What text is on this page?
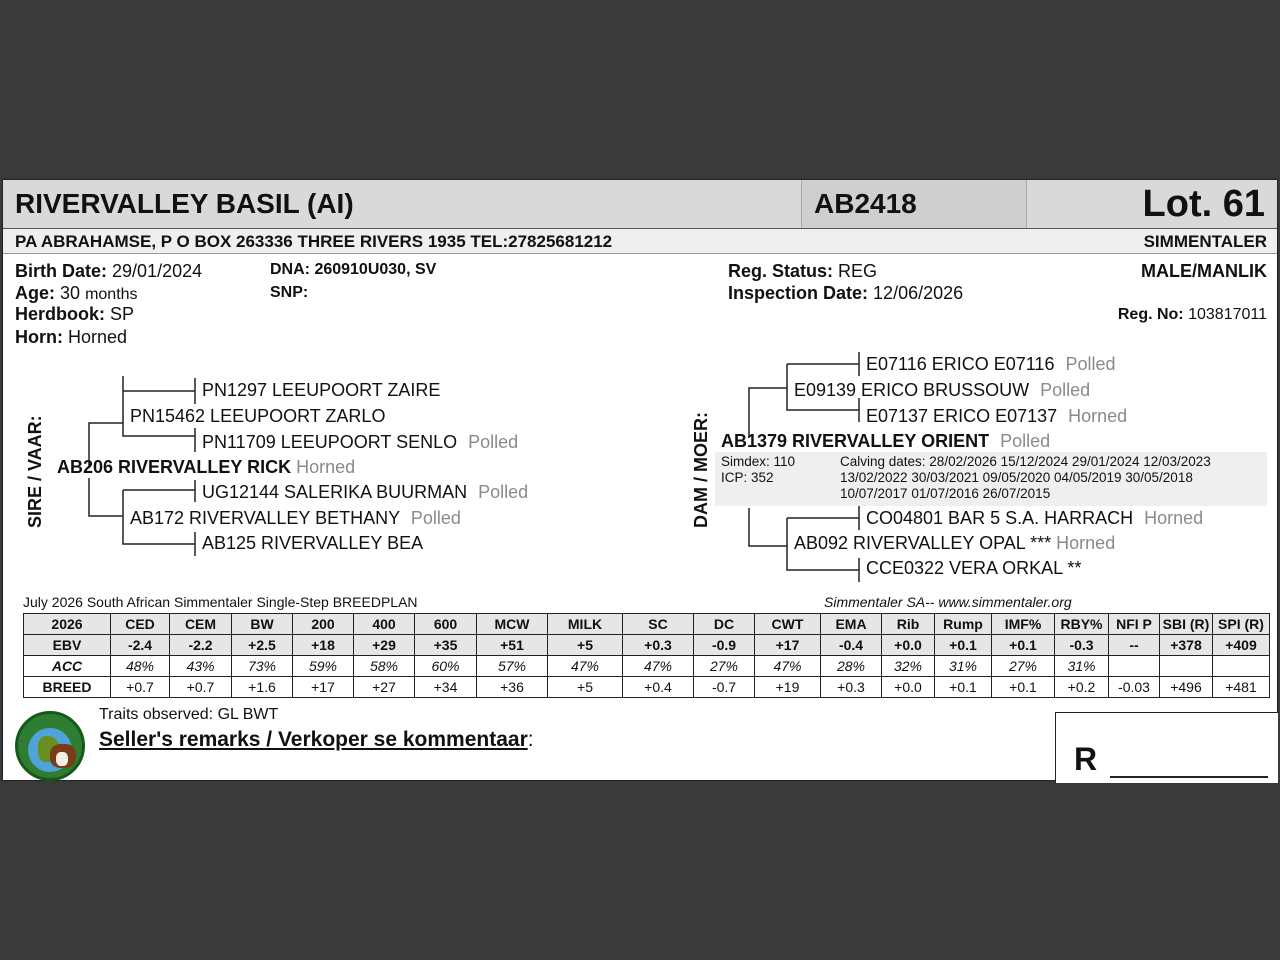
RIVERVALLEY BASIL (AI)	AB2418	Lot. 61
PA ABRAHAMSE, P O BOX 263336 THREE RIVERS 1935 TEL:27825681212	SIMMENTALER
Birth Date: 29/01/2024
Age: 30 months
Herdbook: SP
Horn: Horned
DNA: 260910U030, SV
SNP:
Reg. Status: REG
Inspection Date: 12/06/2026
MALE/MANLIK
Reg. No: 103817011
SIRE / VAAR:
PN1297 LEEUPOORT ZAIRE
PN15462 LEEUPOORT ZARLO
PN11709 LEEUPOORT SENLO Polled
AB206 RIVERVALLEY RICK Horned
UG12144 SALERIKA BUURMAN Polled
AB172 RIVERVALLEY BETHANY Polled
AB125 RIVERVALLEY BEA
DAM / MOER:
E07116 ERICO E07116 Polled
E09139 ERICO BRUSSOUW Polled
E07137 ERICO E07137 Horned
AB1379 RIVERVALLEY ORIENT Polled
Simdex: 110
ICP: 352
Calving dates: 28/02/2026 15/12/2024 29/01/2024 12/03/2023
13/02/2022 30/03/2021 09/05/2020 04/05/2019 30/05/2018
10/07/2017 01/07/2016 26/07/2015
CO04801 BAR 5 S.A. HARRACH Horned
AB092 RIVERVALLEY OPAL *** Horned
CCE0322 VERA ORKAL **
July 2026 South African Simmentaler Single-Step BREEDPLAN	Simmentaler SA-- www.simmentaler.org
2026	CED	CEM	BW	200	400	600	MCW	MILK	SC	DC	CWT	EMA	Rib	Rump	IMF%	RBY%	NFI P	SBI (R)	SPI (R)
EBV	-2.4	-2.2	+2.5	+18	+29	+35	+51	+5	+0.3	-0.9	+17	-0.4	+0.0	+0.1	+0.1	-0.3	--	+378	+409
ACC	48%	43%	73%	59%	58%	60%	57%	47%	47%	27%	47%	28%	32%	31%	27%	31%			
BREED	+0.7	+0.7	+1.6	+17	+27	+34	+36	+5	+0.4	-0.7	+19	+0.3	+0.0	+0.1	+0.1	+0.2	-0.03	+496	+481
Traits observed: GL BWT
Seller's remarks / Verkoper se kommentaar:
R
